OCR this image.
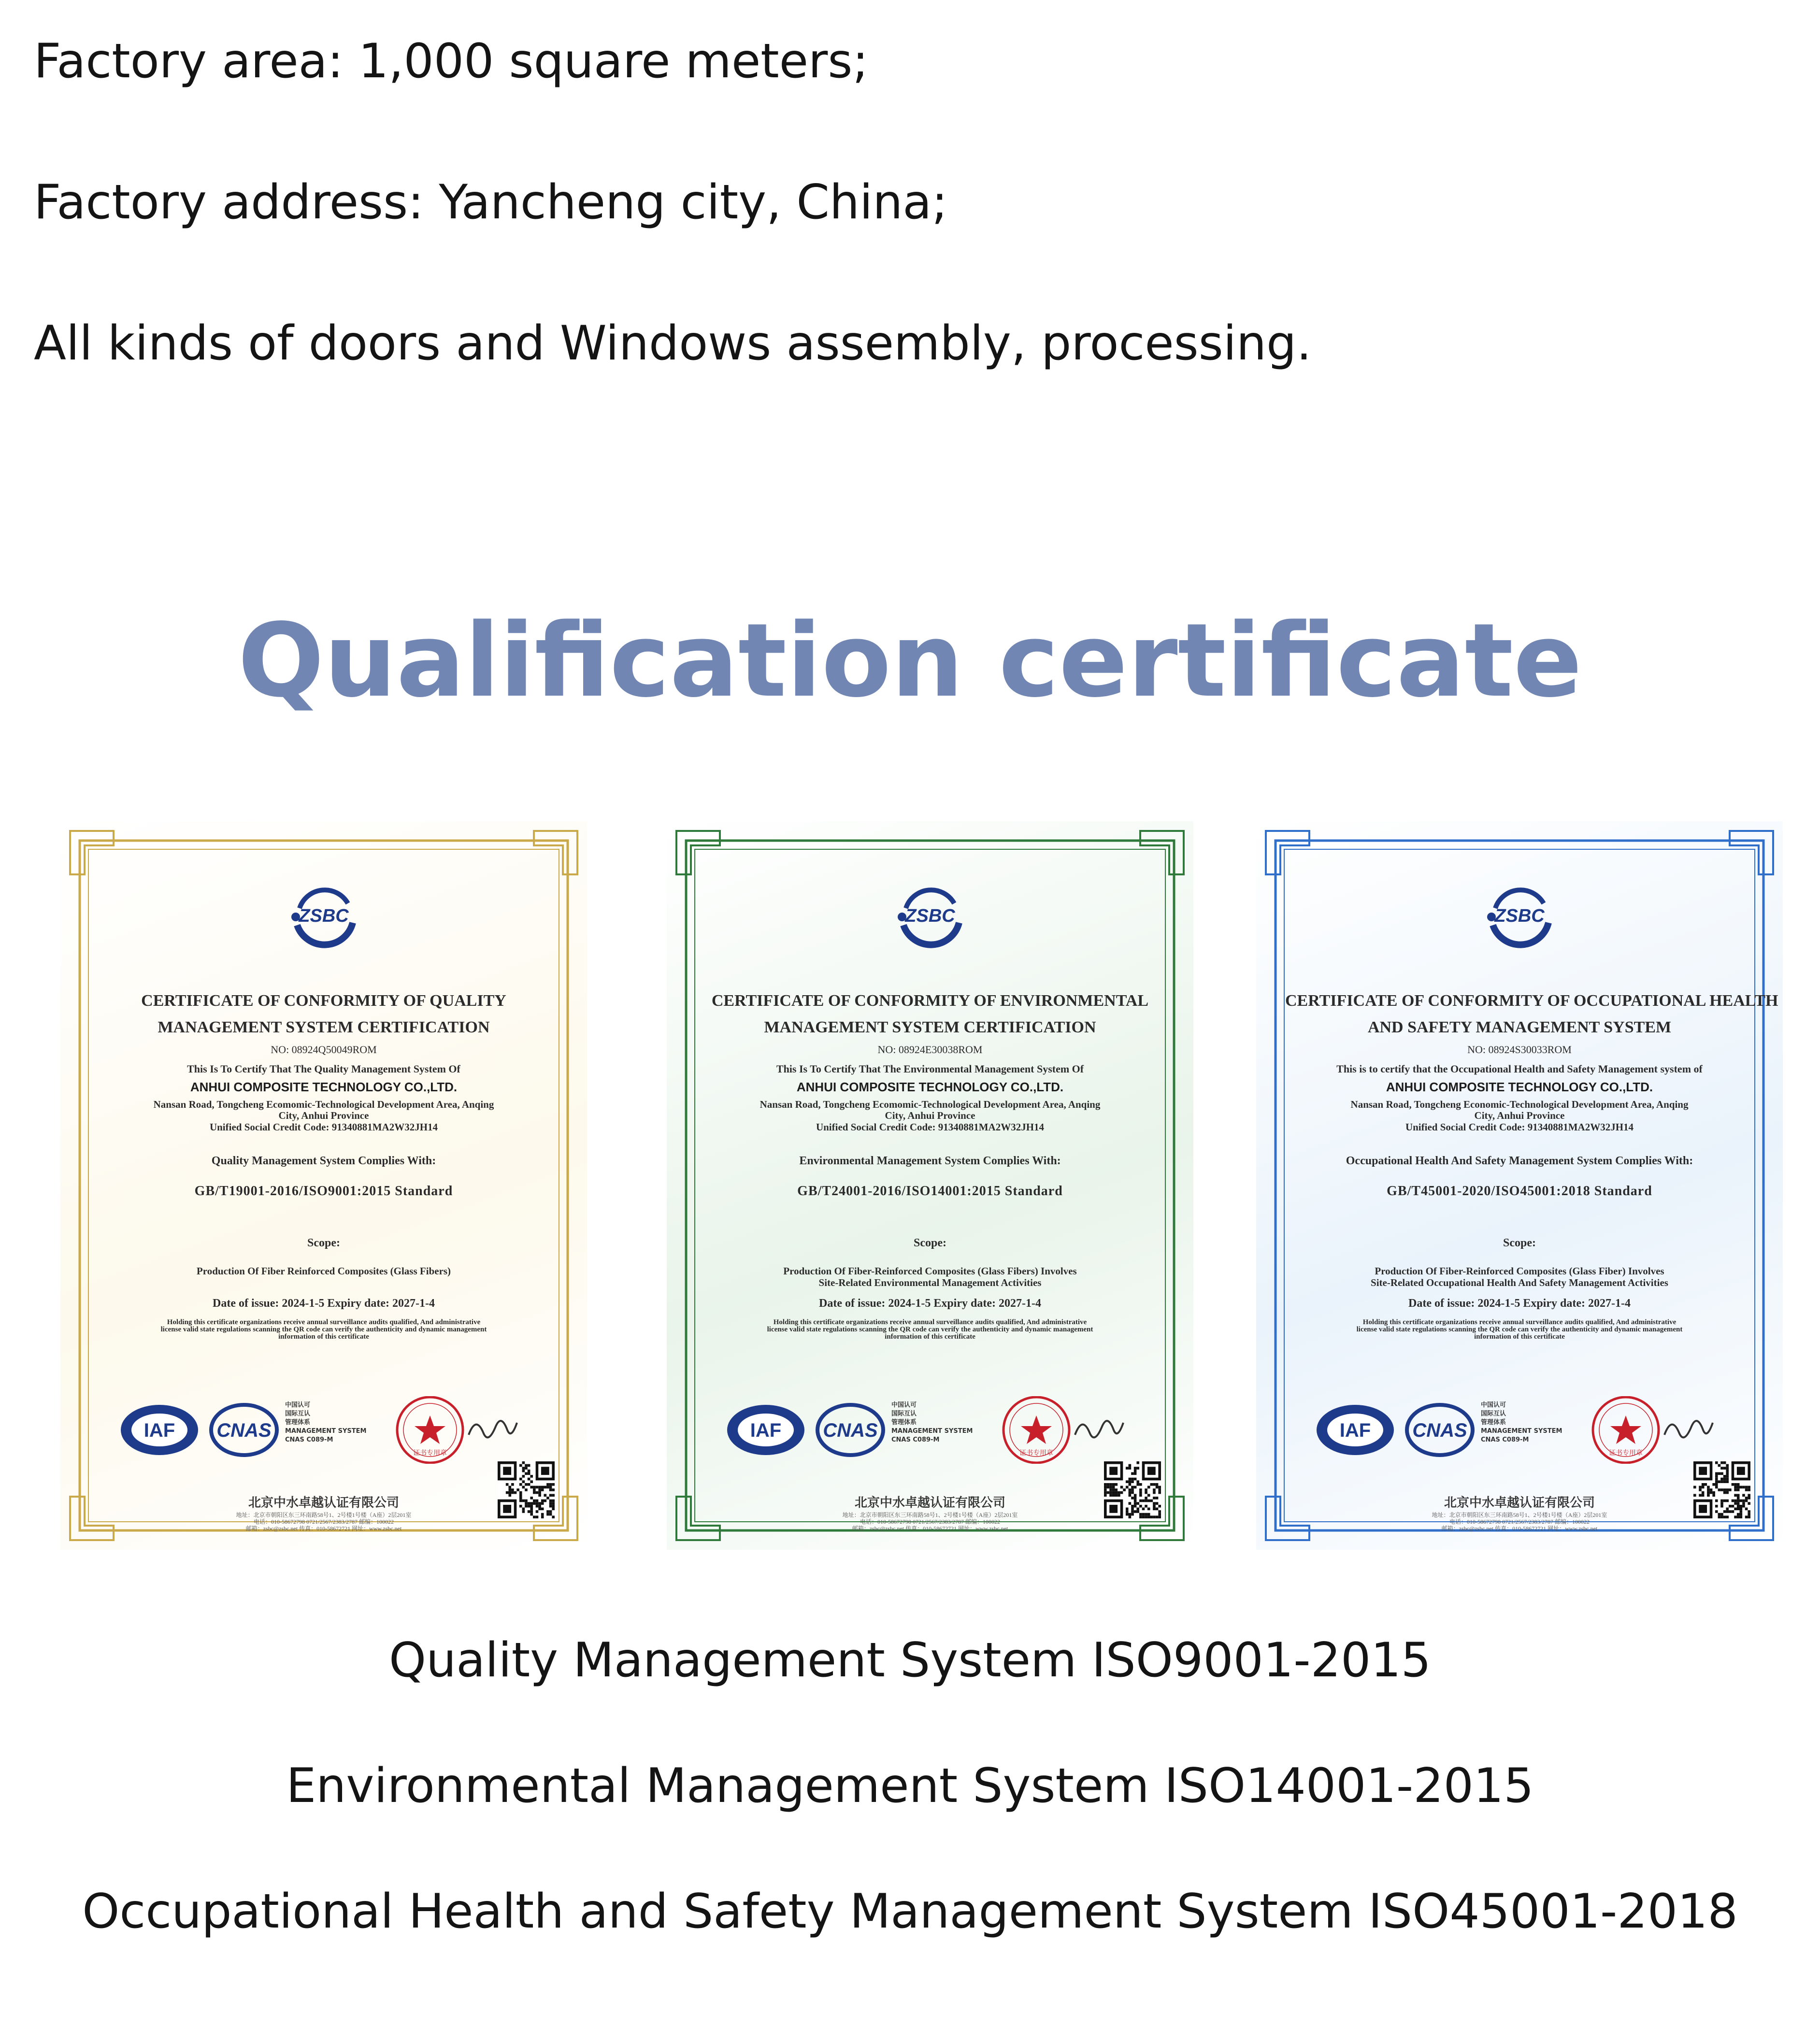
Factory area: 1,000 square meters;
Factory address: Yancheng city, China;
All kinds of doors and Windows assembly, processing.
Qualification certificate
ZSBC
CERTIFICATE OF CONFORMITY OF QUALITY
MANAGEMENT SYSTEM CERTIFICATION
NO: 08924Q50049ROM
This Is To Certify That The Quality Management System Of
ANHUI COMPOSITE TECHNOLOGY CO.,LTD.
Nansan Road, Tongcheng Ecomomic-Technological Development Area, Anqing
City, Anhui Province
Unified Social Credit Code: 91340881MA2W32JH14
Quality Management System Complies With:
GB/T19001-2016/ISO9001:2015 Standard
Scope:
Production Of Fiber Reinforced Composites (Glass Fibers)
Date of issue: 2024-1-5 Expiry date: 2027-1-4
Holding this certificate organizations receive annual surveillance audits qualified, And administrative
license valid state regulations scanning the QR code can verify the authenticity and dynamic management
information of this certificate
北京中水卓越认证有限公司
地址：北京市朝阳区东三环南路58号1、2号楼1号楼（A座）2层201室
电话：010-58672798 0721/2567/2383/2787 邮编：100022
邮箱：zsbc@zsbc.net 传真：010-58672721 网址：www.zsbc.net
IAF CNAS
中国认可
国际互认
管理体系
MANAGEMENT SYSTEM
CNAS C089-M
证书专用章
ZSBC
CERTIFICATE OF CONFORMITY OF ENVIRONMENTAL
MANAGEMENT SYSTEM CERTIFICATION
NO: 08924E30038ROM
This Is To Certify That The Environmental Management System Of
ANHUI COMPOSITE TECHNOLOGY CO.,LTD.
Nansan Road, Tongcheng Ecomomic-Technological Development Area, Anqing
City, Anhui Province
Unified Social Credit Code: 91340881MA2W32JH14
Environmental Management System Complies With:
GB/T24001-2016/ISO14001:2015 Standard
Scope:
Production Of Fiber-Reinforced Composites (Glass Fibers) Involves
Site-Related Environmental Management Activities
Date of issue: 2024-1-5 Expiry date: 2027-1-4
Holding this certificate organizations receive annual surveillance audits qualified, And administrative
license valid state regulations scanning the QR code can verify the authenticity and dynamic management
information of this certificate
北京中水卓越认证有限公司
地址：北京市朝阳区东三环南路58号1、2号楼1号楼（A座）2层201室
电话：010-58672798 0721/2567/2383/2787 邮编：100022
邮箱：zsbc@zsbc.net 传真：010-58672721 网址：www.zsbc.net
IAF CNAS
中国认可
国际互认
管理体系
MANAGEMENT SYSTEM
CNAS C089-M
证书专用章
ZSBC
CERTIFICATE OF CONFORMITY OF OCCUPATIONAL HEALTH
AND SAFETY MANAGEMENT SYSTEM
NO: 08924S30033ROM
This is to certify that the Occupational Health and Safety Management system of
ANHUI COMPOSITE TECHNOLOGY CO.,LTD.
Nansan Road, Tongcheng Economic-Technological Development Area, Anqing
City, Anhui Province
Unified Social Credit Code: 91340881MA2W32JH14
Occupational Health And Safety Management System Complies With:
GB/T45001-2020/ISO45001:2018 Standard
Scope:
Production Of Fiber-Reinforced Composites (Glass Fiber) Involves
Site-Related Occupational Health And Safety Management Activities
Date of issue: 2024-1-5 Expiry date: 2027-1-4
Holding this certificate organizations receive annual surveillance audits qualified, And administrative
license valid state regulations scanning the QR code can verify the authenticity and dynamic management
information of this certificate
北京中水卓越认证有限公司
地址：北京市朝阳区东三环南路58号1、2号楼1号楼（A座）2层201室
电话：010-58672798 0721/2567/2383/2787 邮编：100022
邮箱：zsbc@zsbc.net 传真：010-58672721 网址：www.zsbc.net
IAF CNAS
中国认可
国际互认
管理体系
MANAGEMENT SYSTEM
CNAS C089-M
证书专用章
Quality Management System ISO9001-2015
Environmental Management System ISO14001-2015
Occupational Health and Safety Management System ISO45001-2018
